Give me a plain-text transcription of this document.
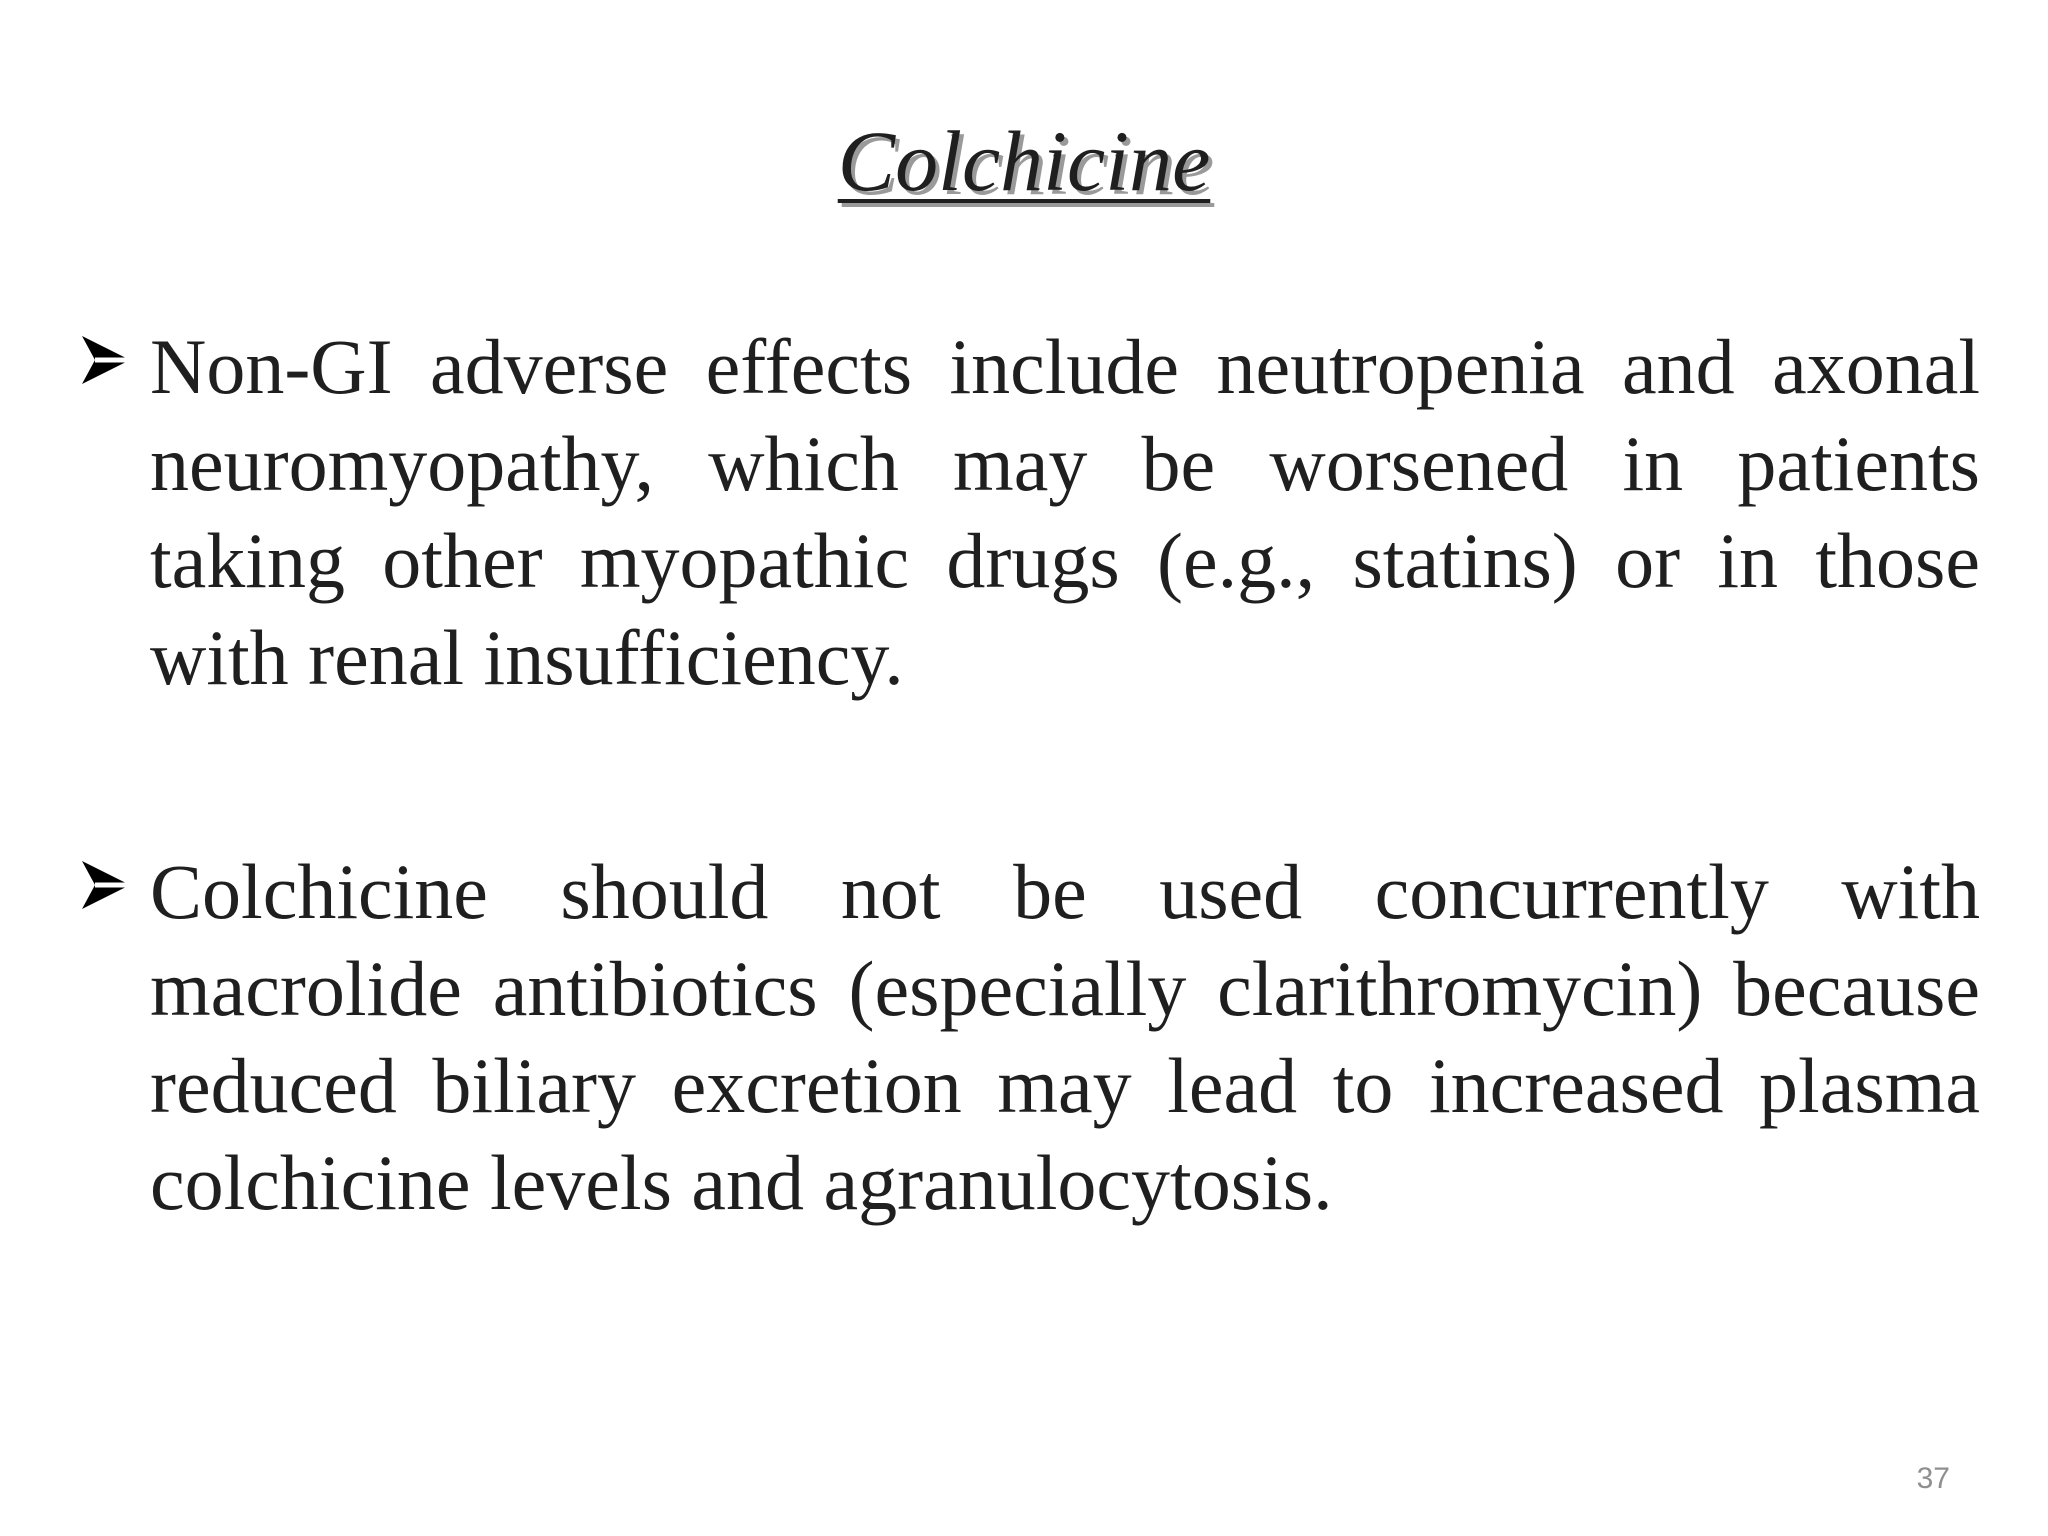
Colchicine
Non-GI adverse effects include neutropenia and axonal neuromyopathy, which may be worsened in patients taking other myopathic drugs (e.g., statins) or in those with renal insufficiency.
Colchicine should not be used concurrently with macrolide antibiotics (especially clarithromycin) because reduced biliary excretion may lead to increased plasma colchicine levels and agranulocytosis.
37
